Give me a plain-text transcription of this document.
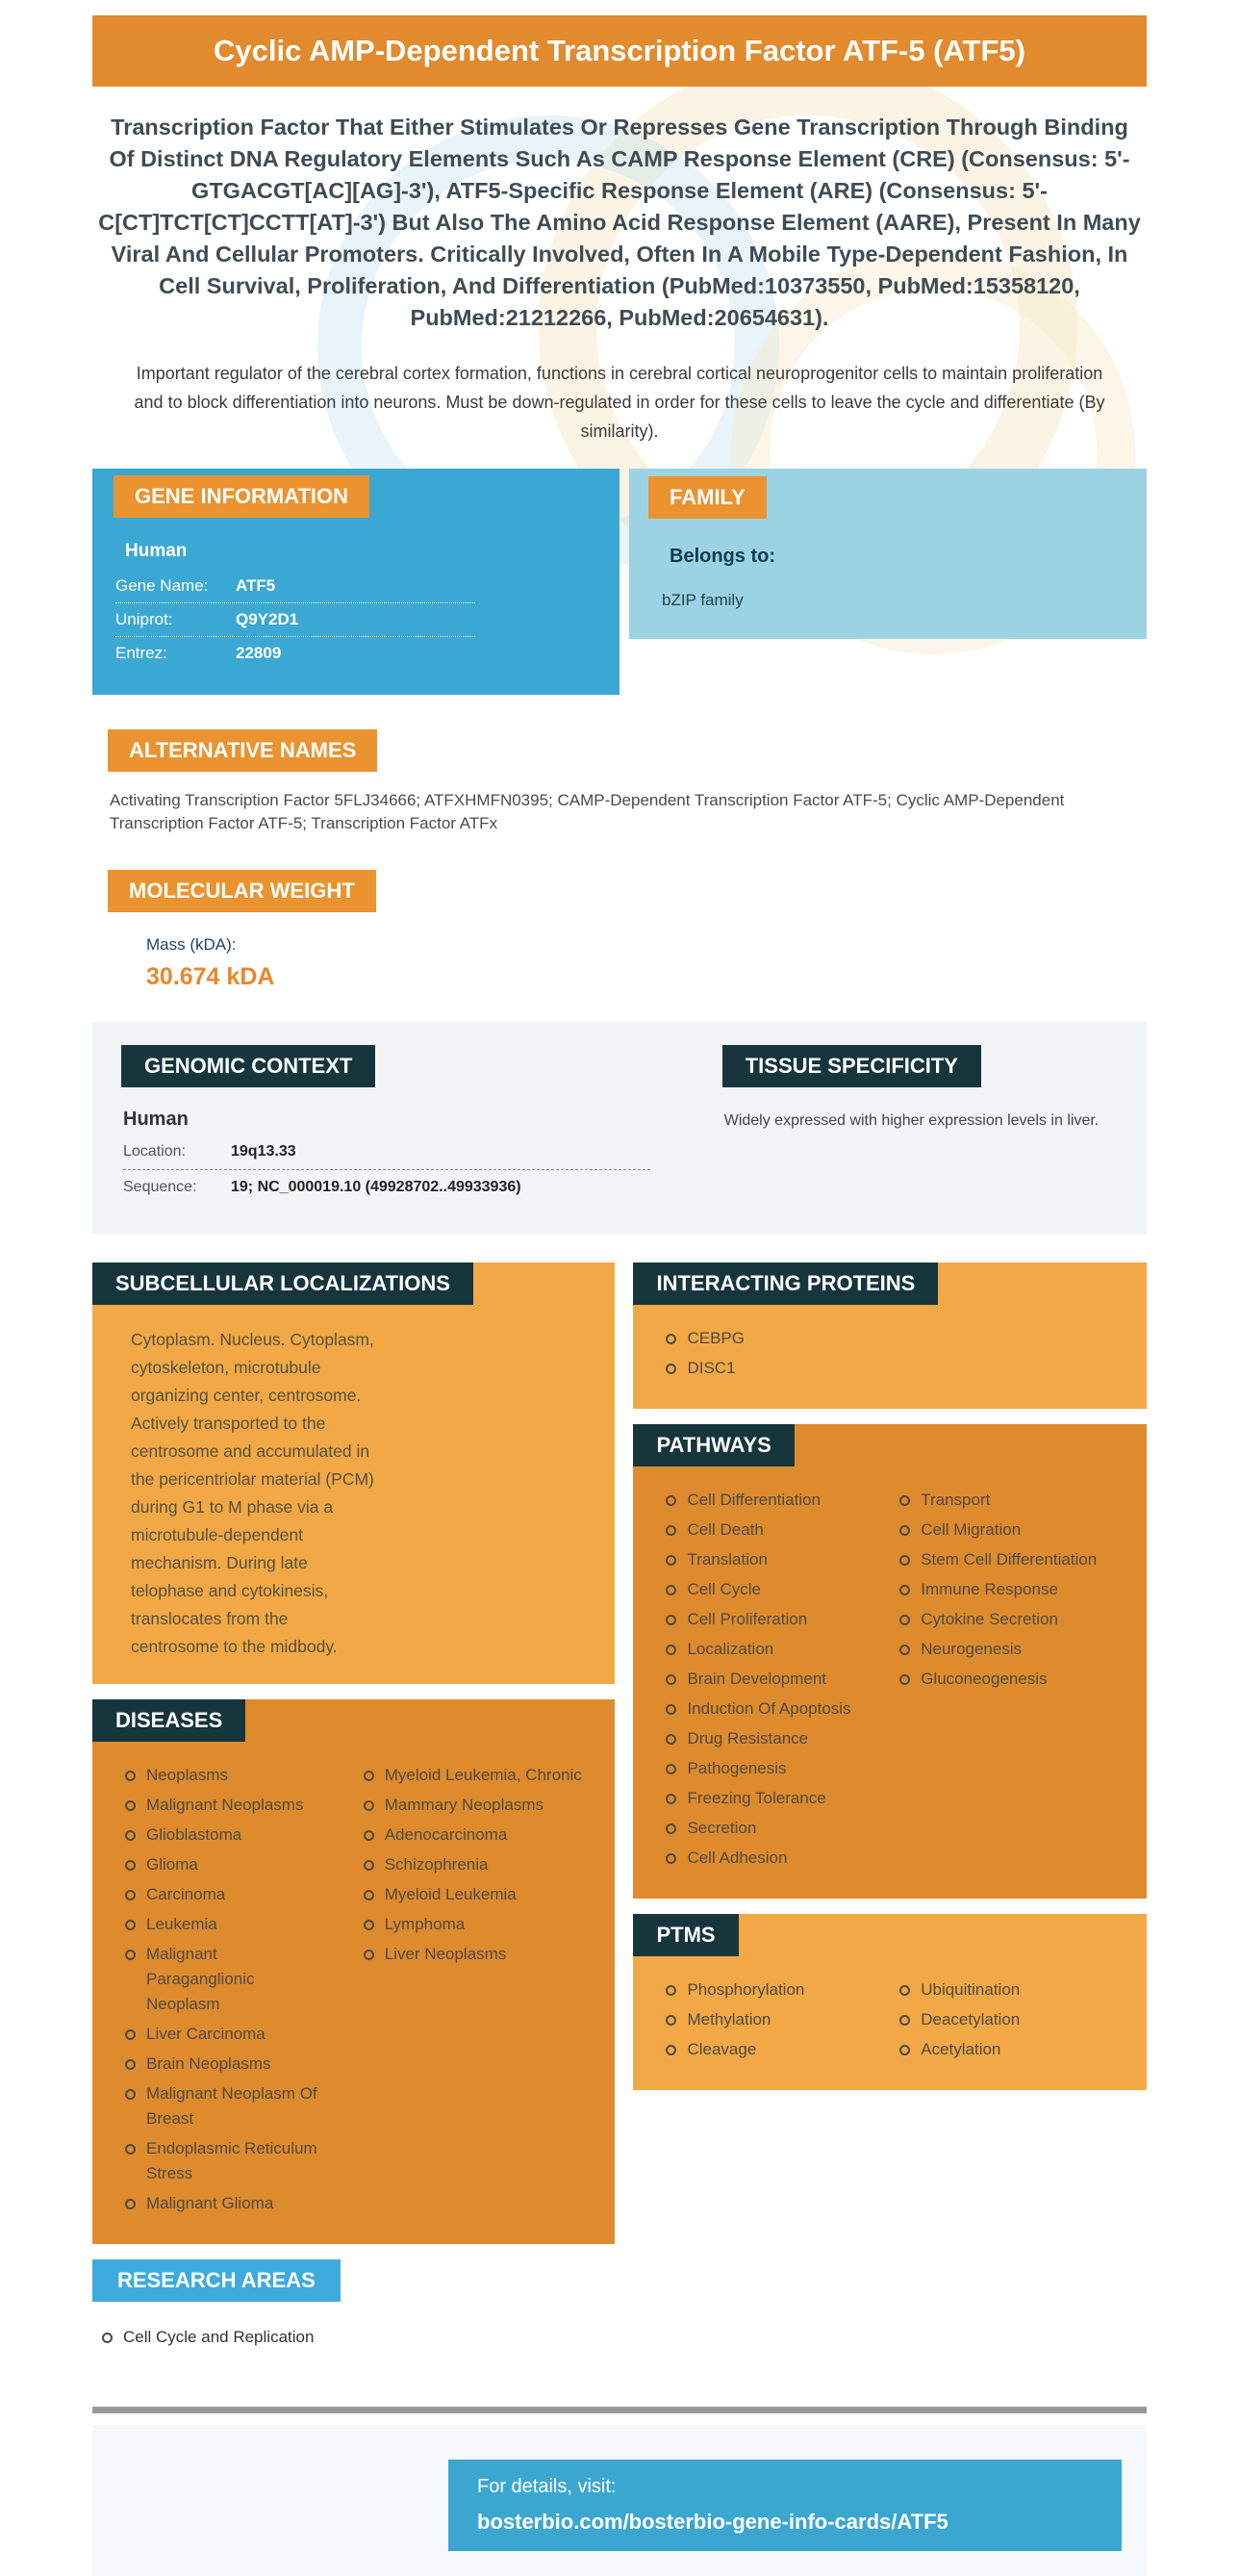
Cyclic AMP-Dependent Transcription Factor ATF-5 (ATF5)

Transcription Factor That Either Stimulates Or Represses Gene Transcription Through Binding Of Distinct DNA Regulatory Elements Such As CAMP Response Element (CRE) (Consensus: 5'- GTGACGT[AC][AG]-3'), ATF5-Specific Response Element (ARE) (Consensus: 5'-C[CT]TCT[CT]CCTT[AT]-3') But Also The Amino Acid Response Element (AARE), Present In Many Viral And Cellular Promoters. Critically Involved, Often In A Mobile Type-Dependent Fashion, In Cell Survival, Proliferation, And Differentiation (PubMed:10373550, PubMed:15358120, PubMed:21212266, PubMed:20654631).

Important regulator of the cerebral cortex formation, functions in cerebral cortical neuroprogenitor cells to maintain proliferation and to block differentiation into neurons. Must be down-regulated in order for these cells to leave the cycle and differentiate (By similarity).

GENE INFORMATION
Human
Gene Name:	ATF5
Uniprot:	Q9Y2D1
Entrez:	22809
FAMILY
Belongs to:
bZIP family
ALTERNATIVE NAMES

Activating Transcription Factor 5FLJ34666; ATFXHMFN0395; CAMP-Dependent Transcription Factor ATF-5; Cyclic AMP-Dependent Transcription Factor ATF-5; Transcription Factor ATFx

MOLECULAR WEIGHT
Mass (kDA):
30.674 kDA
GENOMIC CONTEXT
Human
Location:	19q13.33
Sequence:	19; NC_000019.10 (49928702..49933936)
TISSUE SPECIFICITY

Widely expressed with higher expression levels in liver.

SUBCELLULAR LOCALIZATIONS

Cytoplasm. Nucleus. Cytoplasm, cytoskeleton, microtubule organizing center, centrosome. Actively transported to the centrosome and accumulated in the pericentriolar material (PCM) during G1 to M phase via a microtubule-dependent mechanism. During late telophase and cytokinesis, translocates from the centrosome to the midbody.

DISEASES
Neoplasms
Malignant Neoplasms
Glioblastoma
Glioma
Carcinoma
Leukemia
Malignant Paraganglionic Neoplasm
Liver Carcinoma
Brain Neoplasms
Malignant Neoplasm Of Breast
Endoplasmic Reticulum Stress
Malignant Glioma
Myeloid Leukemia, Chronic
Mammary Neoplasms
Adenocarcinoma
Schizophrenia
Myeloid Leukemia
Lymphoma
Liver Neoplasms
RESEARCH AREAS
Cell Cycle and Replication
INTERACTING PROTEINS
CEBPG
DISC1
PATHWAYS
Cell Differentiation
Cell Death
Translation
Cell Cycle
Cell Proliferation
Localization
Brain Development
Induction Of Apoptosis
Drug Resistance
Pathogenesis
Freezing Tolerance
Secretion
Cell Adhesion
Transport
Cell Migration
Stem Cell Differentiation
Immune Response
Cytokine Secretion
Neurogenesis
Gluconeogenesis
PTMS
Phosphorylation
Methylation
Cleavage
Ubiquitination
Deacetylation
Acetylation
For details, visit:
bosterbio.com/bosterbio-gene-info-cards/ATF5
